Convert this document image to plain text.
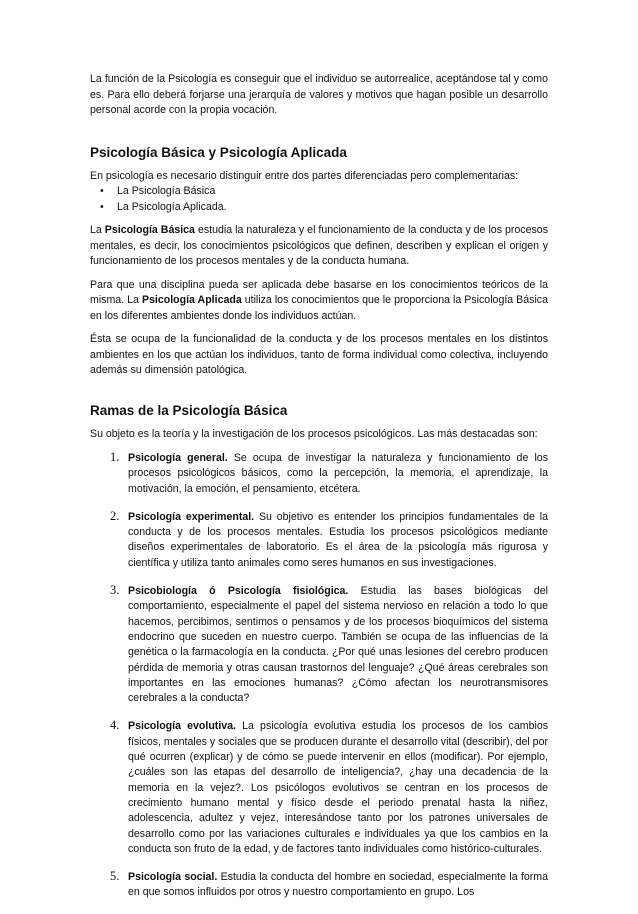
La función de la Psicología es conseguir que el individuo se autorrealice, aceptándose tal y como es. Para ello deberá forjarse una jerarquía de valores y motivos que hagan posible un desarrollo personal acorde con la propia vocación.

Psicología Básica y Psicología Aplicada

En psicología es necesario distinguir entre dos partes diferenciadas pero complementarias:

• La Psicología Básica
• La Psicología Aplicada.

La Psicología Básica estudia la naturaleza y el funcionamiento de la conducta y de los procesos mentales, es decir, los conocimientos psicológicos que definen, describen y explican el origen y funcionamiento de los procesos mentales y de la conducta humana.

Para que una disciplina pueda ser aplicada debe basarse en los conocimientos teóricos de la misma. La Psicología Aplicada utiliza los conocimientos que le proporciona la Psicología Básica en los diferentes ambientes donde los individuos actúan.

Ésta se ocupa de la funcionalidad de la conducta y de los procesos mentales en los distintos ambientes en los que actúan los individuos, tanto de forma individual como colectiva, incluyendo además su dimensión patológica.

Ramas de la Psicología Básica

Su objeto es la teoría y la investigación de los procesos psicológicos. Las más destacadas son:

1. Psicología general. Se ocupa de investigar la naturaleza y funcionamiento de los procesos psicológicos básicos, como la percepción, la memoria, el aprendizaje, la motivación, la emoción, el pensamiento, etcétera.

2. Psicología experimental. Su objetivo es entender los principios fundamentales de la conducta y de los procesos mentales. Estudia los procesos psicológicos mediante diseños experimentales de laboratorio. Es el área de la psicología más rigurosa y científica y utiliza tanto animales como seres humanos en sus investigaciones.

3. Psicobiología ó Psicología fisiológica. Estudia las bases biológicas del comportamiento, especialmente el papel del sistema nervioso en relación a todo lo que hacemos, percibimos, sentimos o pensamos y de los procesos bioquímicos del sistema endocrino que suceden en nuestro cuerpo. También se ocupa de las influencias de la genética o la farmacología en la conducta. ¿Por qué unas lesiones del cerebro producen pérdida de memoria y otras causan trastornos del lenguaje? ¿Qué áreas cerebrales son importantes en las emociones humanas? ¿Cómo afectan los neurotransmisores cerebrales a la conducta?

4. Psicología evolutiva. La psicología evolutiva estudia los procesos de los cambios físicos, mentales y sociales que se producen durante el desarrollo vital (describir), del por qué ocurren (explicar) y de cómo se puede intervenir en ellos (modificar). Por ejemplo, ¿cuáles son las etapas del desarrollo de inteligencia?, ¿hay una decadencia de la memoria en la vejez?. Los psicólogos evolutivos se centran en los procesos de crecimiento humano mental y físico desde el periodo prenatal hasta la niñez, adolescencia, adultez y vejez, interesándose tanto por los patrones universales de desarrollo como por las variaciones culturales e individuales ya que los cambios en la conducta son fruto de la edad, y de factores tanto individuales como histórico-culturales.

5. Psicología social. Estudia la conducta del hombre en sociedad, especialmente la forma en que somos influidos por otros y nuestro comportamiento en grupo. Los
